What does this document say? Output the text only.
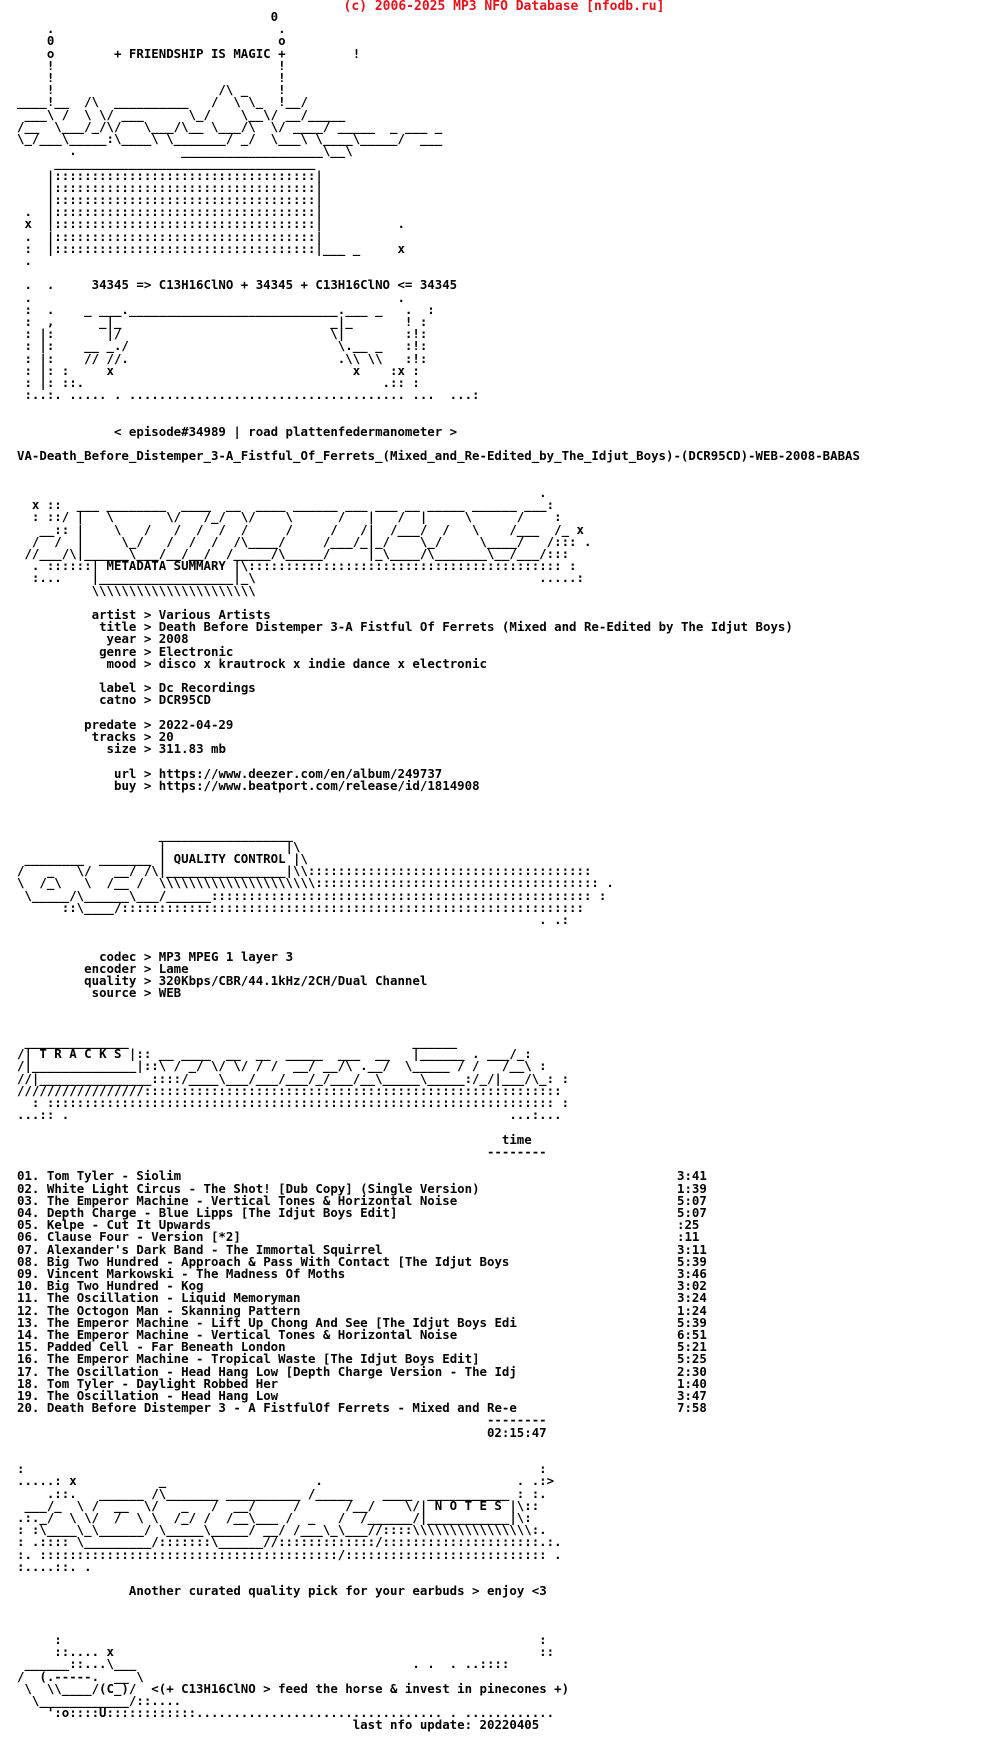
(c) 2006-2025 MP3 NFO Database [nfodb.ru]
0
.                              .
0                              o
o	+ FRIENDSHIP IS MAGIC +	!
!                              !
!                              !
!                      /\ _    !
____!__  /\  __________   /  \ \_  !__/
___\ /  \ \/ ___      \_/    \__\/ __/_____
/__  \___/_/\/   \___/\__ \___/\  \/ ____/ _____  _ ___ _
\_/___\_____:\____\ \_______/ _/  \___\ \____\_____/  ___
.              ___________________\__\
___________________________________
|:::::::::::::::::::::::::::::::::::|
|:::::::::::::::::::::::::::::::::::|
|:::::::::::::::::::::::::::::::::::|
.  |:::::::::::::::::::::::::::::::::::|
x  |:::::::::::::::::::::::::::::::::::|          .
.  |:::::::::::::::::::::::::::::::::::|
:  |:::::::::::::::::::::::::::::::::::|___ _     x
.

.  .	34345 => C13H16ClNO + 34345 + C13H16ClNO <= 34345
.                                                 .
:  .    _ ___.____________________________.___ _   .  :
:  ,      _|_                            _|_       ! :
: |:       |/                            \|        :!:
: |:    __ _./                            \.__ _   :!:
: |:    // //.                            .\\ \\   :!:
: |: :     x                                x    :x :
: |: ::.                                        .:: :
:..:. ..... . ..................................... ...  ...:

< episode#34989 | road plattenfedermanometer >

VA-Death_Before_Distemper_3-A_Fistful_Of_Ferrets_(Mixed_and_Re-Edited_by_The_Idjut_Boys)-(DCR95CD)-WEB-2008-BABAS

.
x ::  ___ ________  ____  __  ____ ______ ___ ___ __ _____ ______ ___:
: ::/ |   \       \/   /_/  \/    \      /   |   /  |     \      /    :
__:: |    \   /   /  /  /  /     /     /   /|  /___/  /   \    /___  /_ x
/  /  |     \_/   /  /  /  /\____/     /___/_|_/    \_/     \____/   /::: .
//___/\|______\___/__/__/  /_____/\_____/     |_\____/\_______\__/___/:::
. ::::::| METADATA SUMMARY |\:::::::::::::::::::::::::::::::::::::::::: :
:...    |__________________|_\                                      .....:
\\\\\\\\\\\\\\\\\\\\\\

artist > Various Artists
title > Death Before Distemper 3-A Fistful Of Ferrets (Mixed and Re-Edited by The Idjut Boys)
year > 2008
genre > Electronic
mood > disco x krautrock x indie dance x electronic

label > Dc Recordings
catno > DCR95CD

predate > 2022-04-29
tracks > 20
size > 311.83 mb

url > https://www.deezer.com/en/album/249737
buy > https://www.beatport.com/release/id/1814908

__________________
|                |\
________  _______ | QUALITY CONTROL |\
/   _   \/   __/ /\|________________|\\::::::::::::::::::::::::::::::::::::::
\  /_\   \  /__ /  \\\\\\\\\\\\\\\\\\\\\:::::::::::::::::::::::::::::::::::::: .
\_____/\______\___/______::::::::::::::::::::::::::::::::::::::::::::::::::: :
::\____/::::::::::::::::::::::::::::::::::::::::::::::::::::::::::::::
. .:

codec > MP3 MPEG 1 layer 3
encoder > Lame
quality > 320Kbps/CBR/44.1kHz/2CH/Dual Channel
source > WEB

______________                                      ______
/| T R A C K S |:: __ ____  __  __  _____  ___  __   |______ . ___/_:
/|______________|::\ / _/ \/ \/ / /  __/ __/\ .__/  \_____ / /   /__\ :
//|_______________::::/____\___/___/___/_/___/__\_____\_____:/_/|___/\_: :
/////////////////::::::::::::::::::::::::::::::::::::::::::::::::::::::::
: :::::::::::::::::::::::::::::::::::::::::::::::::::::::::::::::::::: :
...:: .                                                           ...:...

time
--------

01. Tom Tyler - Siolim	3:41
02. White Light Circus - The Shot! [Dub Copy] (Single Version)	1:39
03. The Emperor Machine - Vertical Tones & Horizontal Noise	5:07
04. Depth Charge - Blue Lipps [The Idjut Boys Edit]	5:07
05. Kelpe - Cut It Upwards	:25
06. Clause Four - Version [*2]	:11
07. Alexander's Dark Band - The Immortal Squirrel	3:11
08. Big Two Hundred - Approach & Pass With Contact [The Idjut Boys	5:39
09. Vincent Markowski - The Madness Of Moths	3:46
10. Big Two Hundred - Kog	3:02
11. The Oscillation - Liquid Memoryman	3:24
12. The Octogon Man - Skanning Pattern	1:24
13. The Emperor Machine - Lift Up Chong And See [The Idjut Boys Edi	5:39
14. The Emperor Machine - Vertical Tones & Horizontal Noise	6:51
15. Padded Cell - Far Beneath London	5:21
16. The Emperor Machine - Tropical Waste [The Idjut Boys Edit]	5:25
17. The Oscillation - Head Hang Low [Depth Charge Version - The Idj	2:30
18. Tom Tyler - Daylight Robbed Her	1:40
19. The Oscillation - Head Hang Low	3:47
20. Death Before Distemper 3 - A FistfulOf Ferrets - Mixed and Re-e	7:58
--------
02:15:47

:                                                                     :
.....: x           _                    .                          . .:>
.::.   ______ /\_______ __________ /_____    ____  ___________ : :.
___/_  \ /  __  \/   _   /  __/     /      /__/    \/| N O T E S |\::
.:._/  \ \/  /  \ \  /_/ /  /__\___ /  _   /  /______/|___________|\:
: :\____\_\______/ \_____\_____/ __/ /___\_\___//::::\\\\\\\\\\\\\\\\:.
: .:::: \_________/:::::::\______//:::::::::::::/:::::::::::::::::::::.:.
:. ::::::::::::::::::::::::::::::::::::::::/::::::::::::::::::::::::::: .
:....::. .

Another curated quality pick for your earbuds > enjoy <3

:                                                                :
::.... x                                                         ::
______::...\___                                     . .  . ..::::
/  (.-----.  __ \
\  \\____/(C_)/  <(+ C13H16ClNO > feed the horse & invest in pinecones +)
\____________/::....
':o::::U::::::::::::................................. . ............

last nfo update: 20220405
